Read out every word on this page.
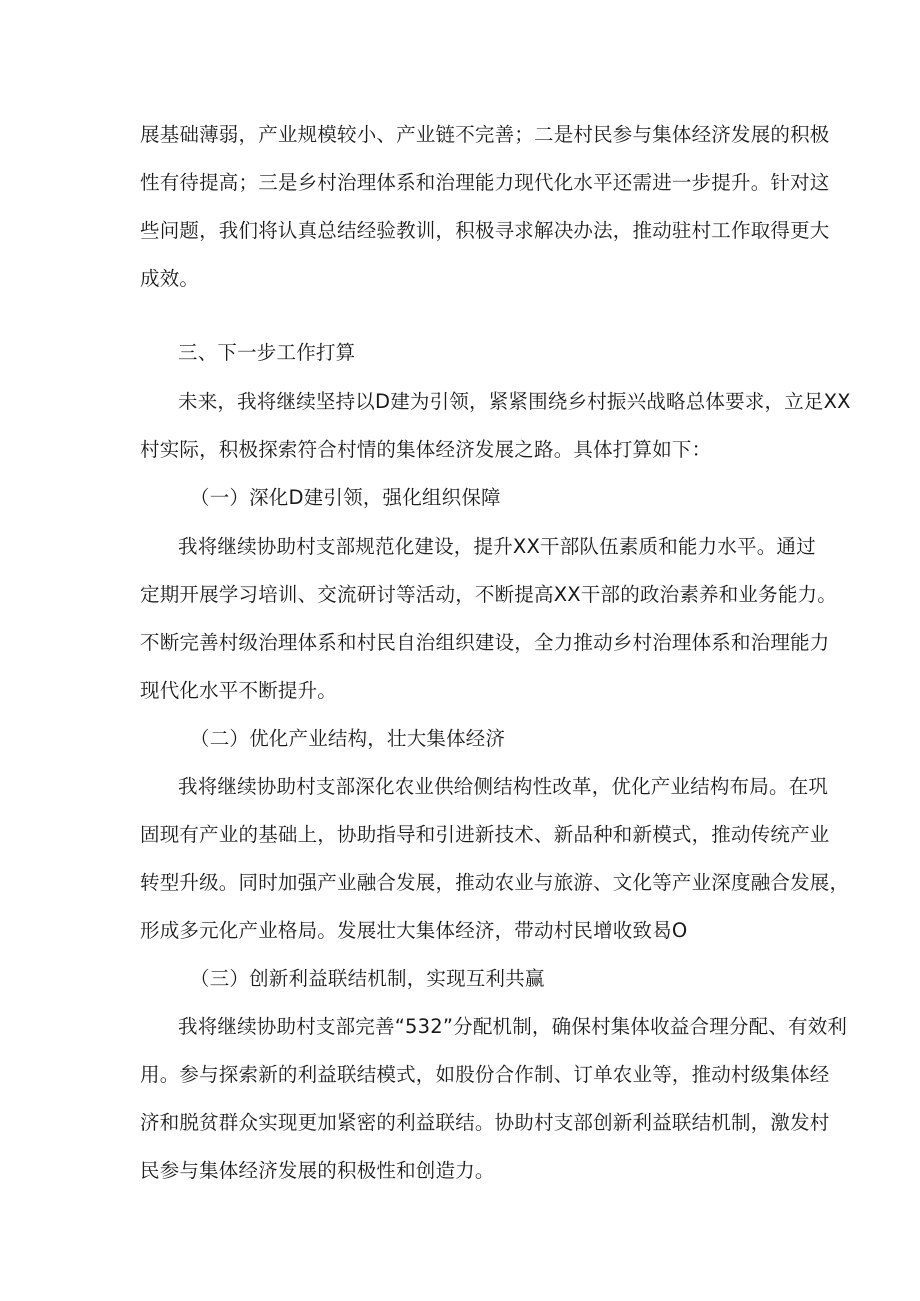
展基础薄弱，产业规模较小、产业链不完善；二是村民参与集体经济发展的积极
性有待提高；三是乡村治理体系和治理能力现代化水平还需进一步提升。针对这
些问题，我们将认真总结经验教训，积极寻求解决办法，推动驻村工作取得更大
成效。
三、下一步工作打算
未来，我将继续坚持以D建为引领，紧紧围绕乡村振兴战略总体要求，立足XX
村实际，积极探索符合村情的集体经济发展之路。具体打算如下：
（一）深化D建引领，强化组织保障
我将继续协助村支部规范化建设，提升XX干部队伍素质和能力水平。通过
定期开展学习培训、交流研讨等活动，不断提高XX干部的政治素养和业务能力。
不断完善村级治理体系和村民自治组织建设，全力推动乡村治理体系和治理能力
现代化水平不断提升。
（二）优化产业结构，壮大集体经济
我将继续协助村支部深化农业供给侧结构性改革，优化产业结构布局。在巩
固现有产业的基础上，协助指导和引进新技术、新品种和新模式，推动传统产业
转型升级。同时加强产业融合发展，推动农业与旅游、文化等产业深度融合发展，
形成多元化产业格局。发展壮大集体经济，带动村民增收致曷O
（三）创新利益联结机制，实现互利共赢
我将继续协助村支部完善“532”分配机制，确保村集体收益合理分配、有效利
用。参与探索新的利益联结模式，如股份合作制、订单农业等，推动村级集体经
济和脱贫群众实现更加紧密的利益联结。协助村支部创新利益联结机制，激发村
民参与集体经济发展的积极性和创造力。
